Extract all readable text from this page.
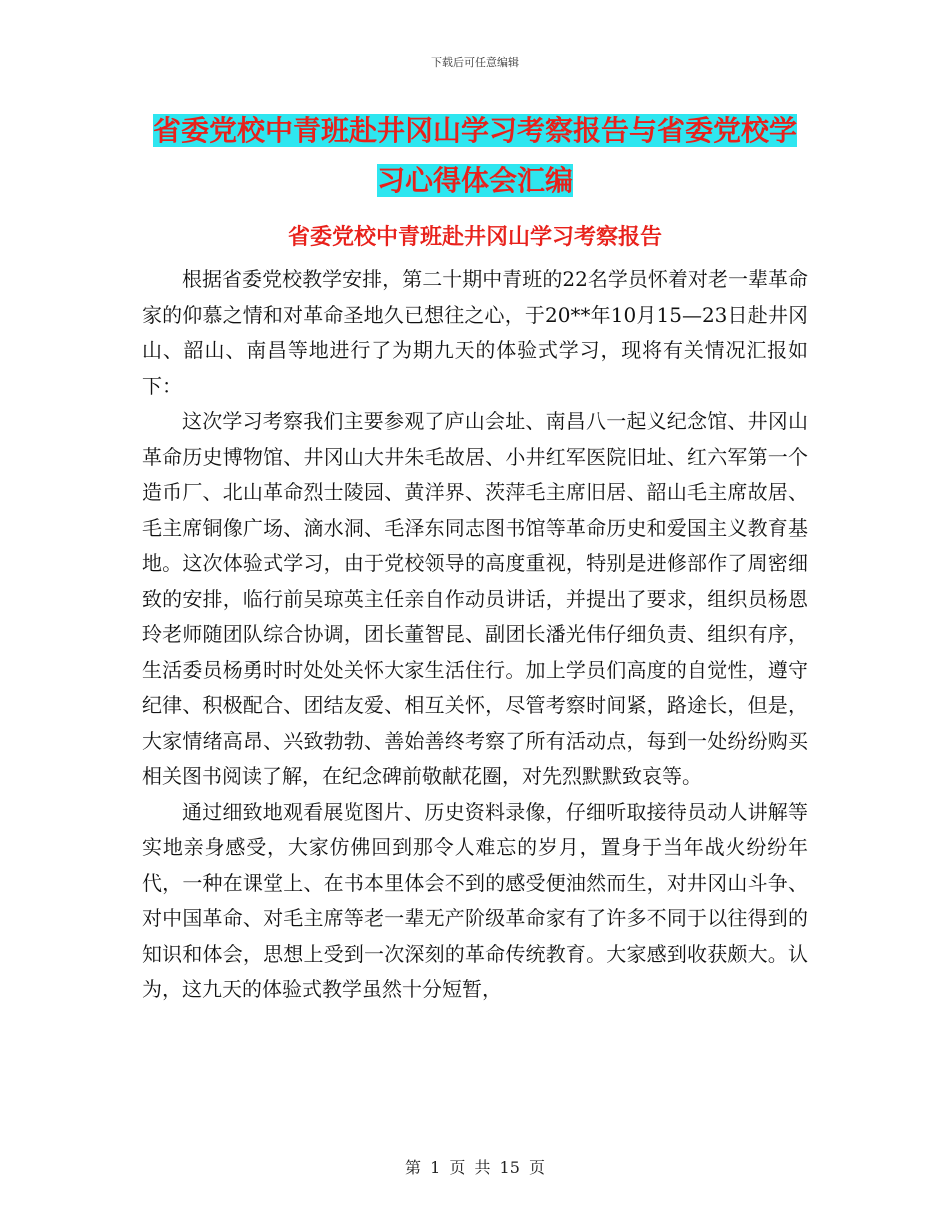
下载后可任意编辑
省委党校中青班赴井冈山学习考察报告与省委党校学
习心得体会汇编
省委党校中青班赴井冈山学习考察报告

根据省委党校教学安排，第二十期中青班的22名学员怀着对老一辈革命家的仰慕之情和对革命圣地久已想往之心，于20**年10月15—23日赴井冈山、韶山、南昌等地进行了为期九天的体验式学习，现将有关情况汇报如下：

这次学习考察我们主要参观了庐山会址、南昌八一起义纪念馆、井冈山革命历史博物馆、井冈山大井朱毛故居、小井红军医院旧址、红六军第一个造币厂、北山革命烈士陵园、黄洋界、茨萍毛主席旧居、韶山毛主席故居、毛主席铜像广场、滴水洞、毛泽东同志图书馆等革命历史和爱国主义教育基地。这次体验式学习，由于党校领导的高度重视，特别是进修部作了周密细致的安排，临行前吴琼英主任亲自作动员讲话，并提出了要求，组织员杨恩玲老师随团队综合协调，团长董智昆、副团长潘光伟仔细负责、组织有序，生活委员杨勇时时处处关怀大家生活住行。加上学员们高度的自觉性，遵守纪律、积极配合、团结友爱、相互关怀，尽管考察时间紧，路途长，但是，大家情绪高昂、兴致勃勃、善始善终考察了所有活动点，每到一处纷纷购买相关图书阅读了解，在纪念碑前敬献花圈，对先烈默默致哀等。

通过细致地观看展览图片、历史资料录像，仔细听取接待员动人讲解等实地亲身感受，大家仿佛回到那令人难忘的岁月，置身于当年战火纷纷年代，一种在课堂上、在书本里体会不到的感受便油然而生，对井冈山斗争、对中国革命、对毛主席等老一辈无产阶级革命家有了许多不同于以往得到的知识和体会，思想上受到一次深刻的革命传统教育。大家感到收获颇大。认为，这九天的体验式教学虽然十分短暂，

第 1 页 共 15 页
